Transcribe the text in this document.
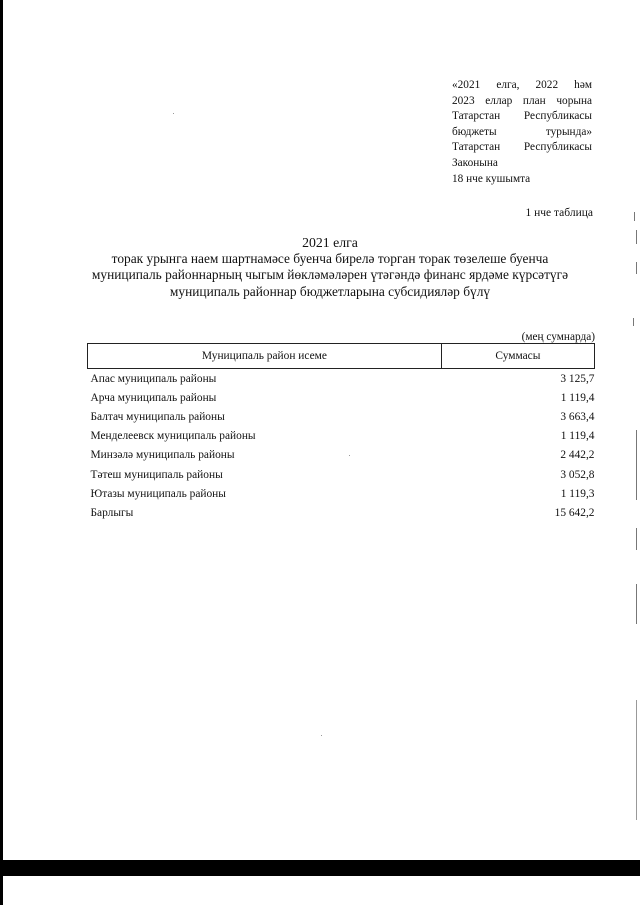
«2021 елга, 2022 һәм
2023 еллар план чорына
Татарстан Республикасы
бюджеты турында»
Татарстан Республикасы
Законына
18 нче кушымта
1 нче таблица
2021 елга
торак урынга наем шартнамәсе буенча бирелә торган торак төзелеше буенча
муниципаль районнарның чыгым йөкләмәләрен үтәгәндә финанс ярдәме күрсәтүгә
муниципаль районнар бюджетларына субсидияләр бүлү
(мең сумнарда)
Муниципаль район исеме	Суммасы
Апас муниципаль районы	3 125,7
Арча муниципаль районы	1 119,4
Балтач муниципаль районы	3 663,4
Менделеевск муниципаль районы	1 119,4
Минзәлә муниципаль районы	2 442,2
Тәтеш муниципаль районы	3 052,8
Ютазы муниципаль районы	1 119,3
Барлыгы	15 642,2
